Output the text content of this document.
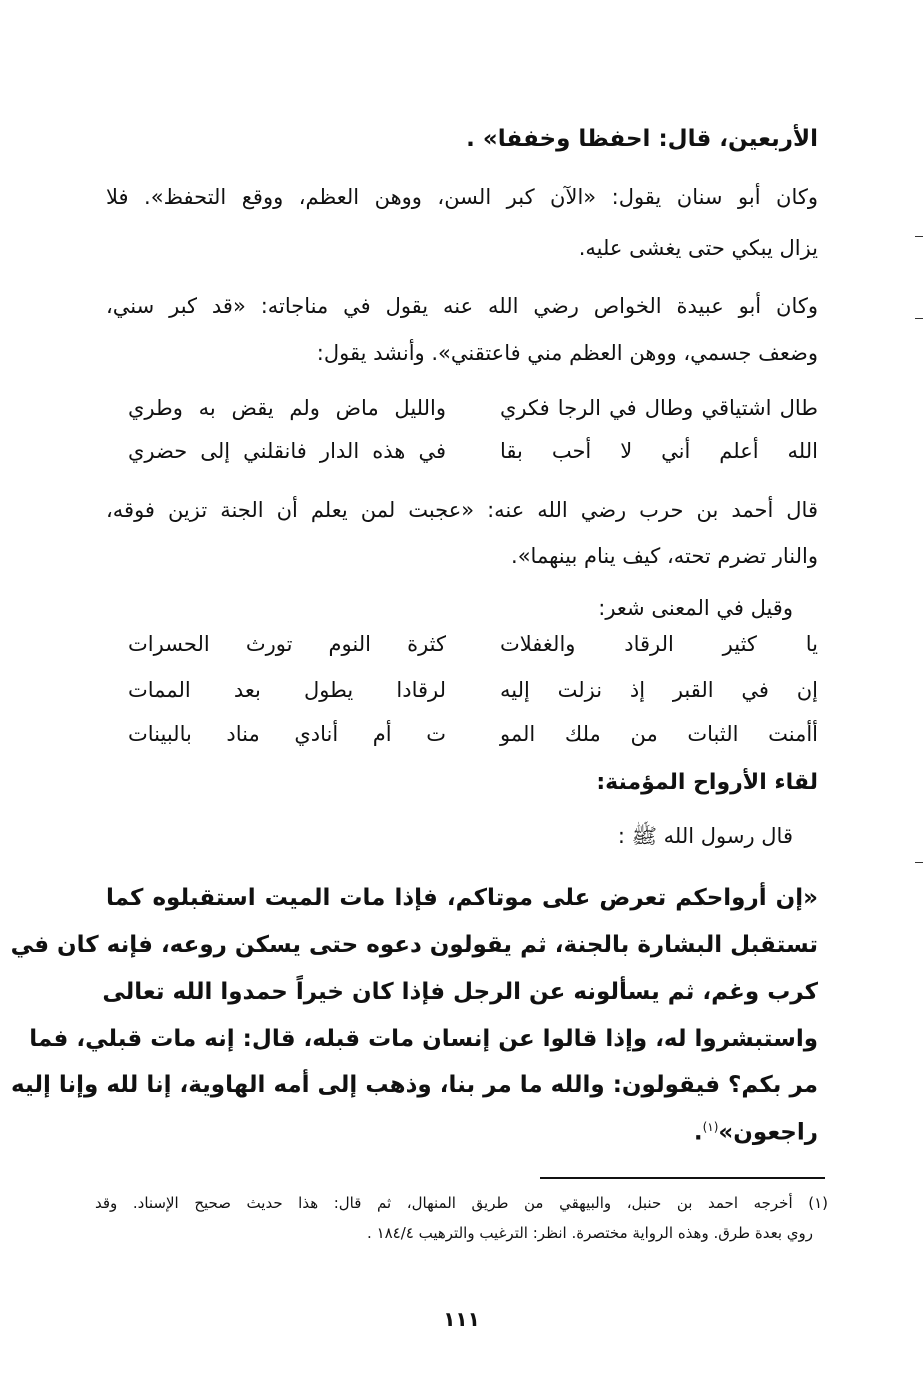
الأربعين، قال: احفظا وخففا» .
وكان أبو سنان يقول: «الآن كبر السن، ووهن العظم، ووقع التحفظ». فلا
يزال يبكي حتى يغشى عليه.
وكان أبو عبيدة الخواص رضي الله عنه يقول في مناجاته: «قد كبر سني،
وضعف جسمي، ووهن العظم مني فاعتقني». وأنشد يقول:
طال اشتياقي وطال في الرجا فكري
والليل ماض ولم يقض به وطري
الله أعلم أني لا أحب بقا
في هذه الدار فانقلني إلى حضري
قال أحمد بن حرب رضي الله عنه: «عجبت لمن يعلم أن الجنة تزين فوقه،
والنار تضرم تحته، كيف ينام بينهما».
وقيل في المعنى شعر:
يا كثير الرقاد والغفلات
كثرة النوم تورث الحسرات
إن في القبر إذ نزلت إليه
لرقادا يطول بعد الممات
أأمنت الثبات من ملك المو
ت أم أنادي مناد بالبينات
لقاء الأرواح المؤمنة:
قال رسول الله ﷺ :
«إن أرواحكم تعرض على موتاكم، فإذا مات الميت استقبلوه كما
تستقبل البشارة بالجنة، ثم يقولون دعوه حتى يسكن روعه، فإنه كان في
كرب وغم، ثم يسألونه عن الرجل فإذا كان خيراً حمدوا الله تعالى
واستبشروا له، وإذا قالوا عن إنسان مات قبله، قال: إنه مات قبلي، فما
مر بكم؟ فيقولون: والله ما مر بنا، وذهب إلى أمه الهاوية، إنا لله وإنا إليه
راجعون»$^{(١)}$.
(١) أخرجه احمد بن حنبل، والبيهقي من طريق المنهال، ثم قال: هذا حديث صحيح الإسناد. وقد
روي بعدة طرق. وهذه الرواية مختصرة. انظر: الترغيب والترهيب ١٨٤/٤ .
١١١
